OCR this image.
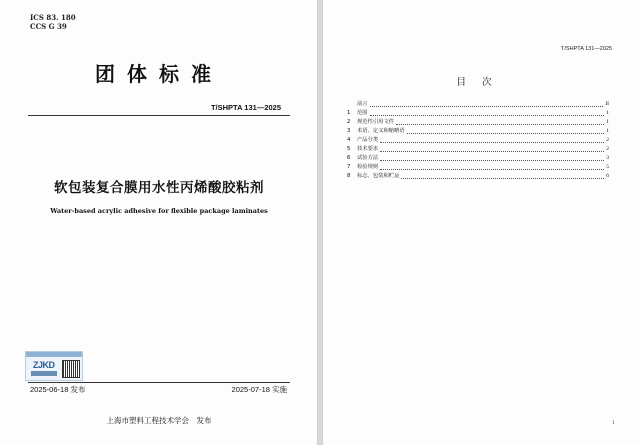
ICS 83. 180
CCS G 39
团体标准
T/SHPTA 131—2025
软包装复合膜用水性丙烯酸胶粘剂
Water-based acrylic adhesive for flexible package laminates
ZJKD
2025-06-18 发布	2025-07-18 实施
上海市塑料工程技术学会　发布
T/SHPTA 131—2025
目次
前言	II
1	范围	1
2	规范性引用文件	1
3	术语、定义和缩略语	1
4	产品分类	2
5	技术要求	2
6	试验方法	3
7	检验规则	5
8	标志、包装和贮运	6
I
